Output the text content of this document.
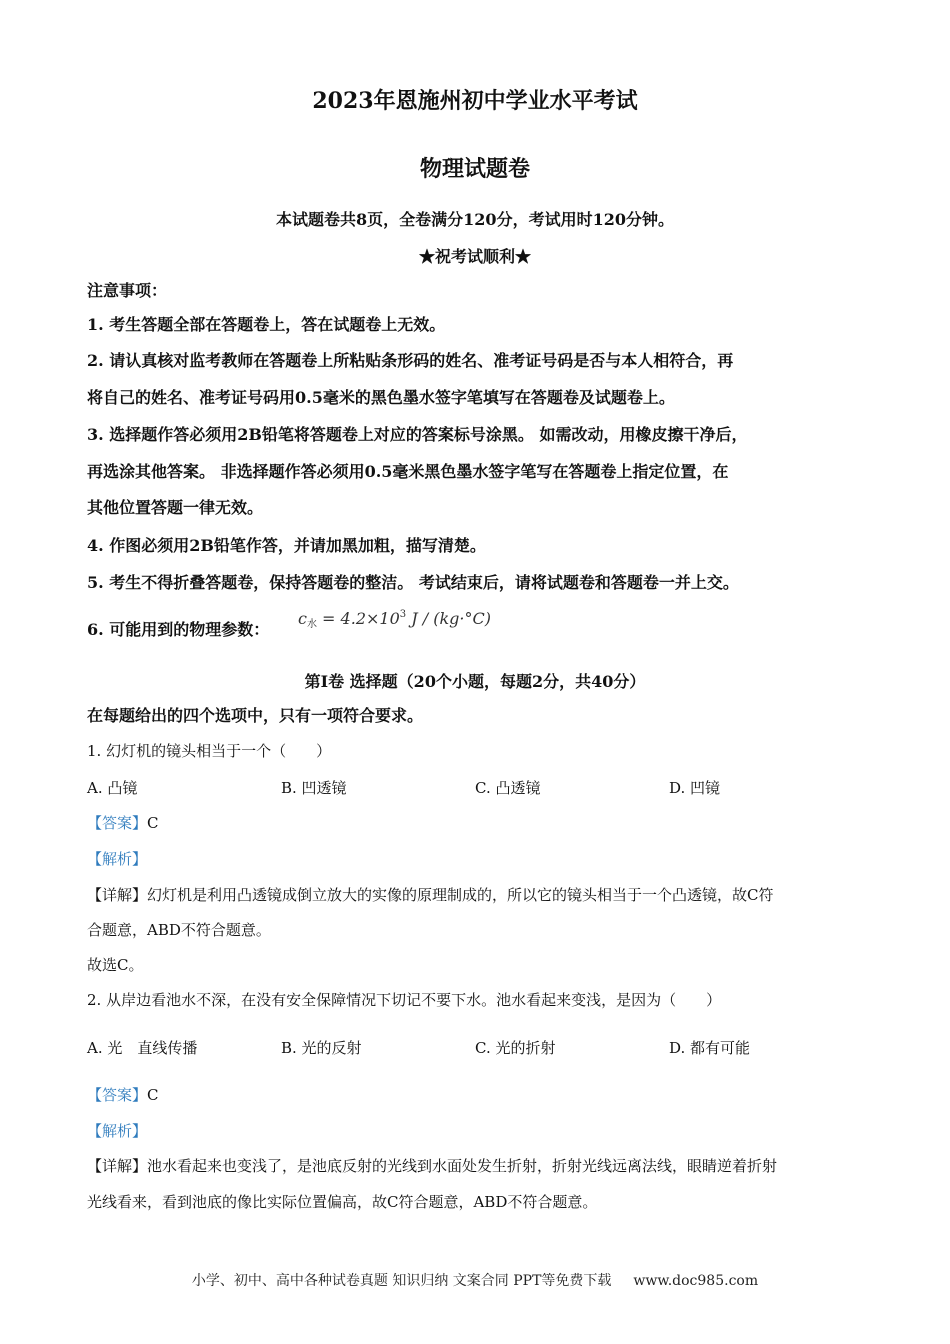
2023年恩施州初中学业水平考试
物理试题卷
本试题卷共8页，全卷满分120分，考试用时120分钟。
★祝考试顺利★
注意事项：
1. 考生答题全部在答题卷上，答在试题卷上无效。
2. 请认真核对监考教师在答题卷上所粘贴条形码的姓名、准考证号码是否与本人相符合，再
将自己的姓名、准考证号码用0.5毫米的黑色墨水签字笔填写在答题卷及试题卷上。
3. 选择题作答必须用2B铅笔将答题卷上对应的答案标号涂黑。 如需改动，用橡皮擦干净后，
再选涂其他答案。 非选择题作答必须用0.5毫米黑色墨水签字笔写在答题卷上指定位置，在
其他位置答题一律无效。
4. 作图必须用2B铅笔作答，并请加黑加粗，描写清楚。
5. 考生不得折叠答题卷，保持答题卷的整洁。 考试结束后，请将试题卷和答题卷一并上交。
6. 可能用到的物理参数：
$c_水 = 4.2\times 10^3$ J / (kg·°C)
第I卷 选择题（20个小题，每题2分，共40分）
在每题给出的四个选项中，只有一项符合要求。
1. 幻灯机的镜头相当于一个（　　）
A. 凸镜	B. 凹透镜	C. 凸透镜	D. 凹镜
【答案】C
【解析】
【详解】幻灯机是利用凸透镜成倒立放大的实像的原理制成的，所以它的镜头相当于一个凸透镜，故C符
合题意，ABD不符合题意。
故选C。
2. 从岸边看池水不深，在没有安全保障情况下切记不要下水。池水看起来变浅，是因为（　　）
A. 光　直线传播	B. 光的反射	C. 光的折射	D. 都有可能
【答案】C
【解析】
【详解】池水看起来也变浅了，是池底反射的光线到水面处发生折射，折射光线远离法线，眼睛逆着折射
光线看来，看到池底的像比实际位置偏高，故C符合题意，ABD不符合题意。
小学、初中、高中各种试卷真题 知识归纳 文案合同 PPT等免费下载 www.doc985.com
